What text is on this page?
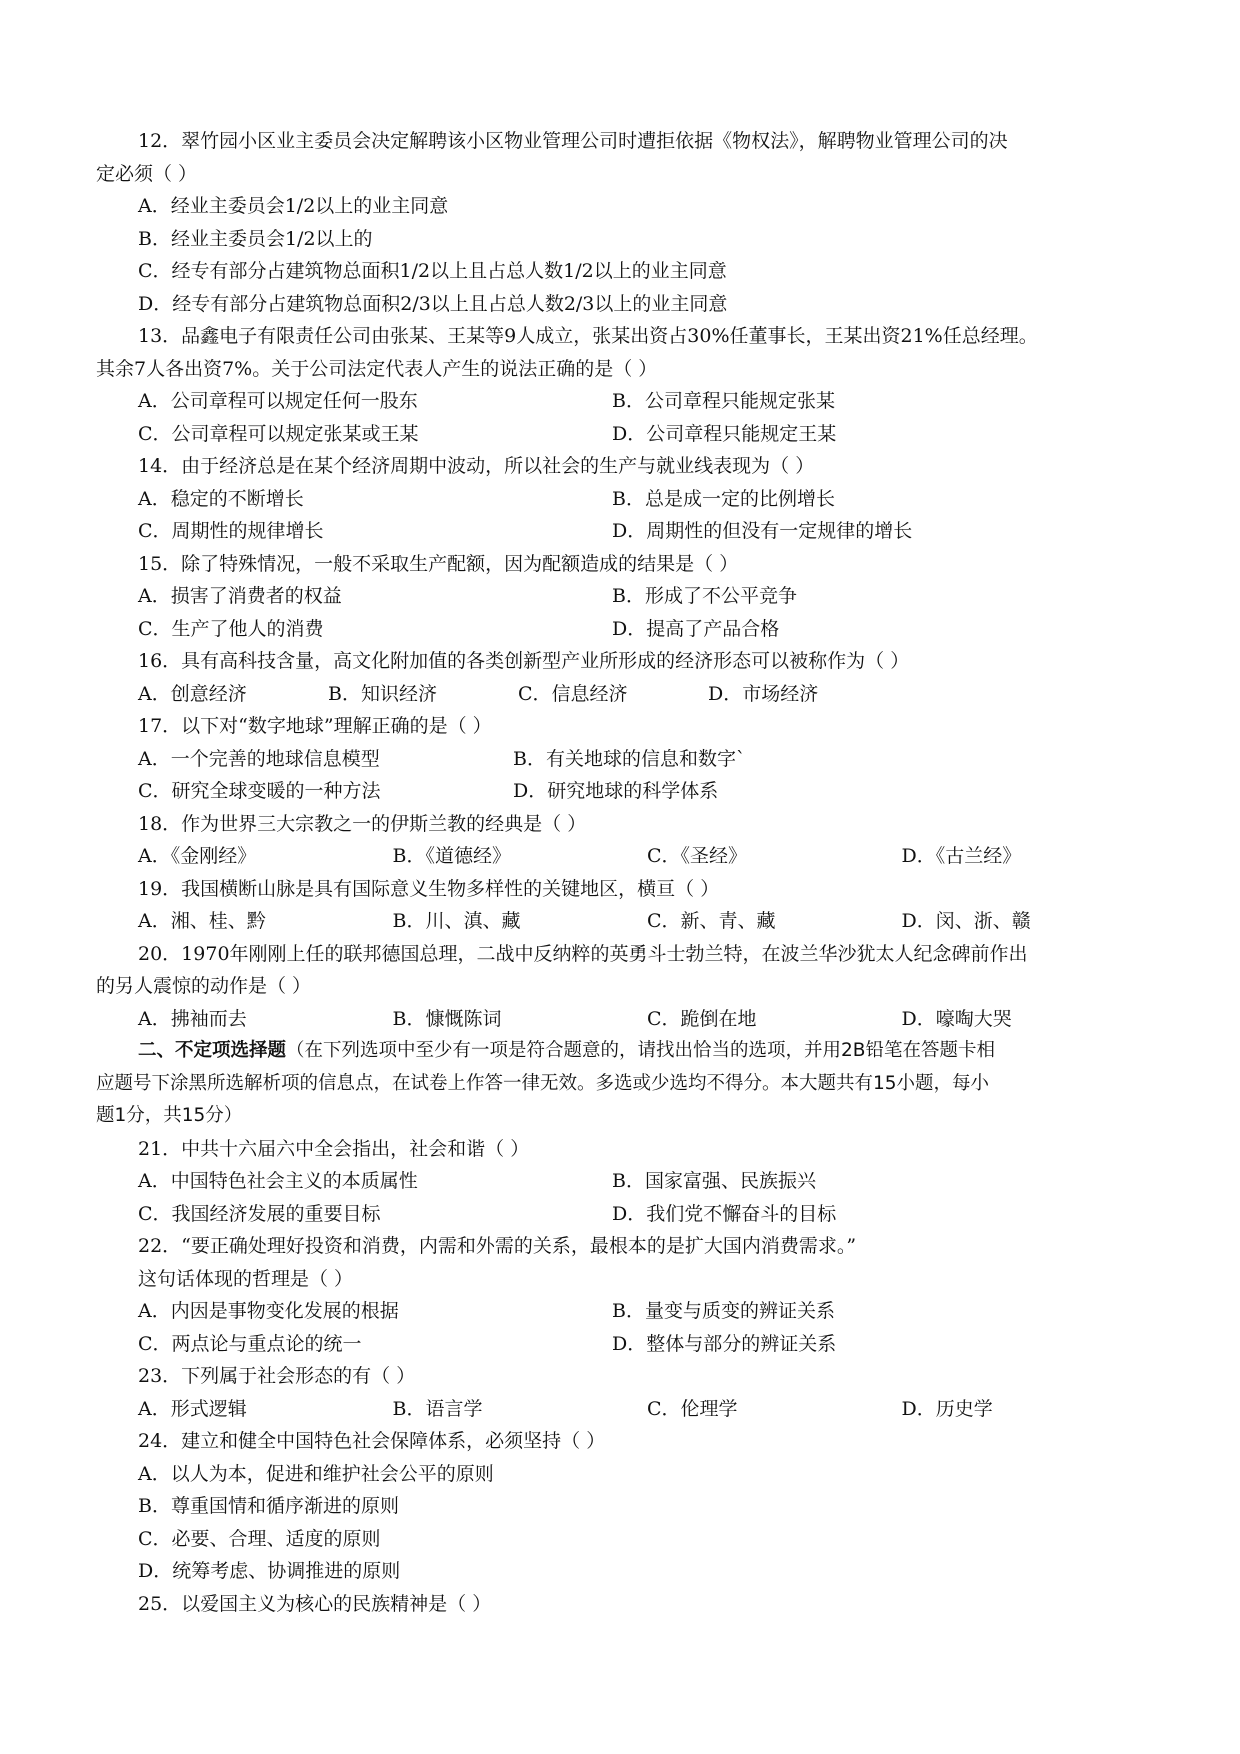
12．翠竹园小区业主委员会决定解聘该小区物业管理公司时遭拒依据《物权法》，解聘物业管理公司的决
定必须（ ）
A．经业主委员会1/2以上的业主同意
B．经业主委员会1/2以上的
C．经专有部分占建筑物总面积1/2以上且占总人数1/2以上的业主同意
D．经专有部分占建筑物总面积2/3以上且占总人数2/3以上的业主同意
13．品鑫电子有限责任公司由张某、王某等9人成立，张某出资占30%任董事长，王某出资21%任总经理。
其余7人各出资7%。关于公司法定代表人产生的说法正确的是（ ）
A．公司章程可以规定任何一股东	B．公司章程只能规定张某
C．公司章程可以规定张某或王某	D．公司章程只能规定王某
14．由于经济总是在某个经济周期中波动，所以社会的生产与就业线表现为（ ）
A．稳定的不断增长	B．总是成一定的比例增长
C．周期性的规律增长	D．周期性的但没有一定规律的增长
15．除了特殊情况，一般不采取生产配额，因为配额造成的结果是（ ）
A．损害了消费者的权益	B．形成了不公平竞争
C．生产了他人的消费	D．提高了产品合格
16．具有高科技含量，高文化附加值的各类创新型产业所形成的经济形态可以被称作为（ ）
A．创意经济	B．知识经济	C．信息经济	D．市场经济
17．以下对“数字地球”理解正确的是（ ）
A．一个完善的地球信息模型	B．有关地球的信息和数字`
C．研究全球变暖的一种方法	D．研究地球的科学体系
18．作为世界三大宗教之一的伊斯兰教的经典是（ ）
A．《金刚经》	B．《道德经》	C．《圣经》	D．《古兰经》
19．我国横断山脉是具有国际意义生物多样性的关键地区，横亘（ ）
A．湘、桂、黔	B．川、滇、藏	C．新、青、藏	D．闵、浙、赣
20．1970年刚刚上任的联邦德国总理，二战中反纳粹的英勇斗士勃兰特，在波兰华沙犹太人纪念碑前作出
的另人震惊的动作是（ ）
A．拂袖而去	B．慷慨陈词	C．跪倒在地	D．嚎啕大哭
二、不定项选择题（在下列选项中至少有一项是符合题意的，请找出恰当的选项，并用2B铅笔在答题卡相
应题号下涂黑所选解析项的信息点，在试卷上作答一律无效。多选或少选均不得分。本大题共有15小题，每小
题1分，共15分）
21．中共十六届六中全会指出，社会和谐（ ）
A．中国特色社会主义的本质属性	B．国家富强、民族振兴
C．我国经济发展的重要目标	D．我们党不懈奋斗的目标
22．“要正确处理好投资和消费，内需和外需的关系，最根本的是扩大国内消费需求。”
这句话体现的哲理是（ ）
A．内因是事物变化发展的根据	B．量变与质变的辨证关系
C．两点论与重点论的统一	D．整体与部分的辨证关系
23．下列属于社会形态的有（ ）
A．形式逻辑	B．语言学	C．伦理学	D．历史学
24．建立和健全中国特色社会保障体系，必须坚持（ ）
A．以人为本，促进和维护社会公平的原则
B．尊重国情和循序渐进的原则
C．必要、合理、适度的原则
D．统筹考虑、协调推进的原则
25．以爱国主义为核心的民族精神是（ ）
